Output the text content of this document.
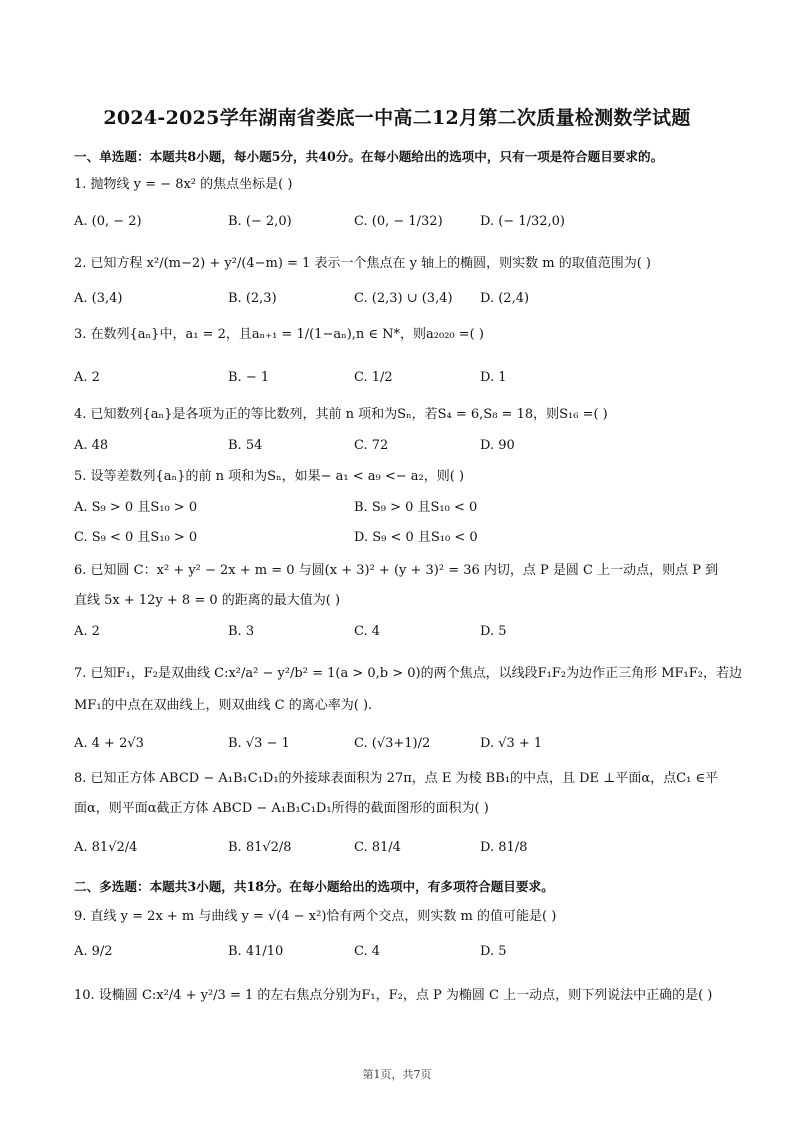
2024-2025学年湖南省娄底一中高二12月第二次质量检测数学试题
一、单选题：本题共8小题，每小题5分，共40分。在每小题给出的选项中，只有一项是符合题目要求的。
1. 抛物线 y = − 8x² 的焦点坐标是( )
A. (0, − 2)	B. (− 2,0)	C. (0, − 1/32)	D. (− 1/32,0)
2. 已知方程 x²/(m−2) + y²/(4−m) = 1 表示一个焦点在 y 轴上的椭圆，则实数 m 的取值范围为( )
A. (3,4)	B. (2,3)	C. (2,3) ∪ (3,4) D. (2,4)
3. 在数列{aₙ}中，a₁ = 2，且aₙ₊₁ = 1/(1−aₙ),n ∈ N*，则a₂₀₂₀ =( )
A. 2	B. − 1	C. 1/2	D. 1
4. 已知数列{aₙ}是各项为正的等比数列，其前 n 项和为Sₙ，若S₄ = 6,S₈ = 18，则S₁₆ =( )
A. 48	B. 54	C. 72	D. 90
5. 设等差数列{aₙ}的前 n 项和为Sₙ，如果− a₁ < a₉ <− a₂，则( )
A. S₉ > 0 且S₁₀ > 0	B. S₉ > 0 且S₁₀ < 0
C. S₉ < 0 且S₁₀ > 0	D. S₉ < 0 且S₁₀ < 0
6. 已知圆 C：x² + y² − 2x + m = 0 与圆(x + 3)² + (y + 3)² = 36 内切，点 P 是圆 C 上一动点，则点 P 到
直线 5x + 12y + 8 = 0 的距离的最大值为( )
A. 2	B. 3	C. 4	D. 5
7. 已知F₁，F₂是双曲线 C:x²/a² − y²/b² = 1(a > 0,b > 0)的两个焦点，以线段F₁F₂为边作正三角形 MF₁F₂，若边
MF₁的中点在双曲线上，则双曲线 C 的离心率为( ).
A. 4 + 2√3	B. √3 − 1	C. (√3+1)/2	D. √3 + 1
8. 已知正方体 ABCD − A₁B₁C₁D₁的外接球表面积为 27π，点 E 为棱 BB₁的中点，且 DE ⊥平面α，点C₁ ∈平
面α，则平面α截正方体 ABCD − A₁B₁C₁D₁所得的截面图形的面积为( )
A. 81√2/4	B. 81√2/8	C. 81/4	D. 81/8
二、多选题：本题共3小题，共18分。在每小题给出的选项中，有多项符合题目要求。
9. 直线 y = 2x + m 与曲线 y = √(4 − x²)恰有两个交点，则实数 m 的值可能是( )
A. 9/2	B. 41/10	C. 4	D. 5
10. 设椭圆 C:x²/4 + y²/3 = 1 的左右焦点分别为F₁，F₂，点 P 为椭圆 C 上一动点，则下列说法中正确的是( )
第1页，共7页
